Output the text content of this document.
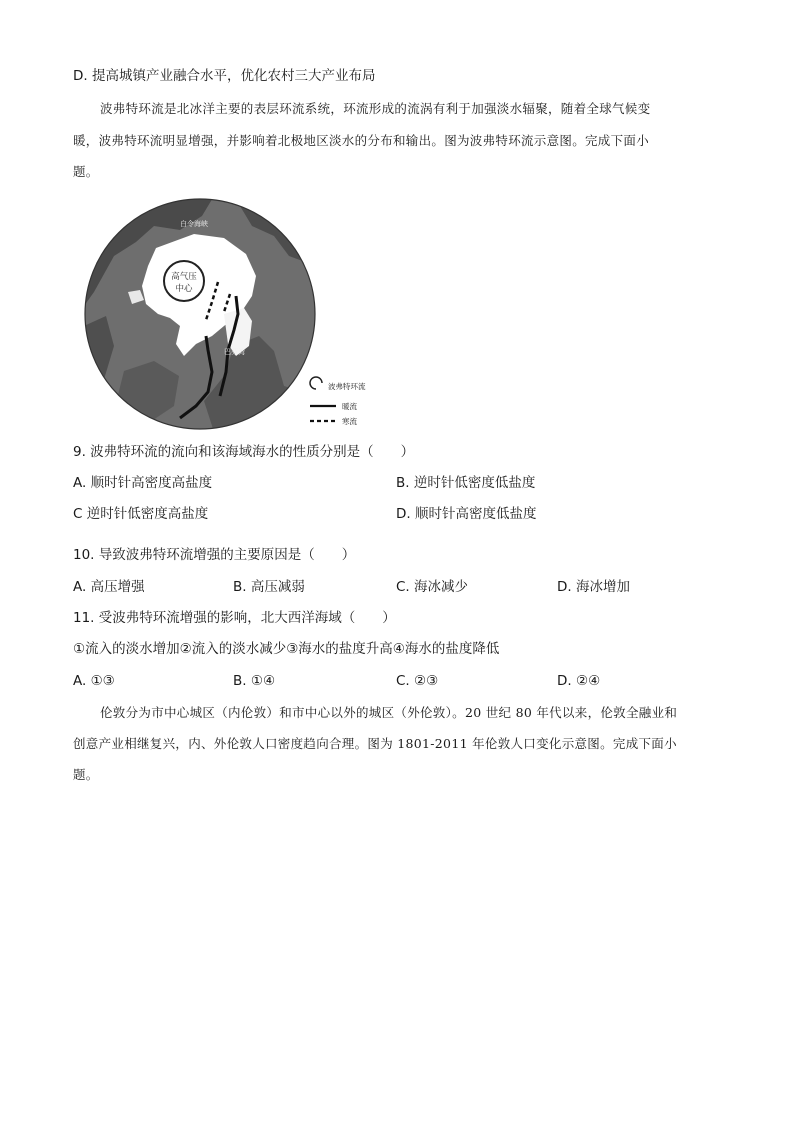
D. 提高城镇产业融合水平，优化农村三大产业布局
波弗特环流是北冰洋主要的表层环流系统，环流形成的流涡有利于加强淡水辐聚，随着全球气候变
暖，波弗特环流明显增强，并影响着北极地区淡水的分布和输出。图为波弗特环流示意图。完成下面小
题。
高气压
中心
白令海峡
巴芬湾
波弗特环流
暖流
寒流
9. 波弗特环流的流向和该海域海水的性质分别是（　　）
A. 顺时针高密度高盐度	B. 逆时针低密度低盐度
C 逆时针低密度高盐度	D. 顺时针高密度低盐度
10. 导致波弗特环流增强的主要原因是（　　）
A. 高压增强	B. 高压减弱	C. 海冰减少	D. 海冰增加
11. 受波弗特环流增强的影响，北大西洋海域（　　）
①流入的淡水增加②流入的淡水减少③海水的盐度升高④海水的盐度降低
A. ①③	B. ①④	C. ②③	D. ②④
伦敦分为市中心城区（内伦敦）和市中心以外的城区（外伦敦）。20 世纪 80 年代以来，伦敦全融业和
创意产业相继复兴，内、外伦敦人口密度趋向合理。图为 1801-2011 年伦敦人口变化示意图。完成下面小
题。
